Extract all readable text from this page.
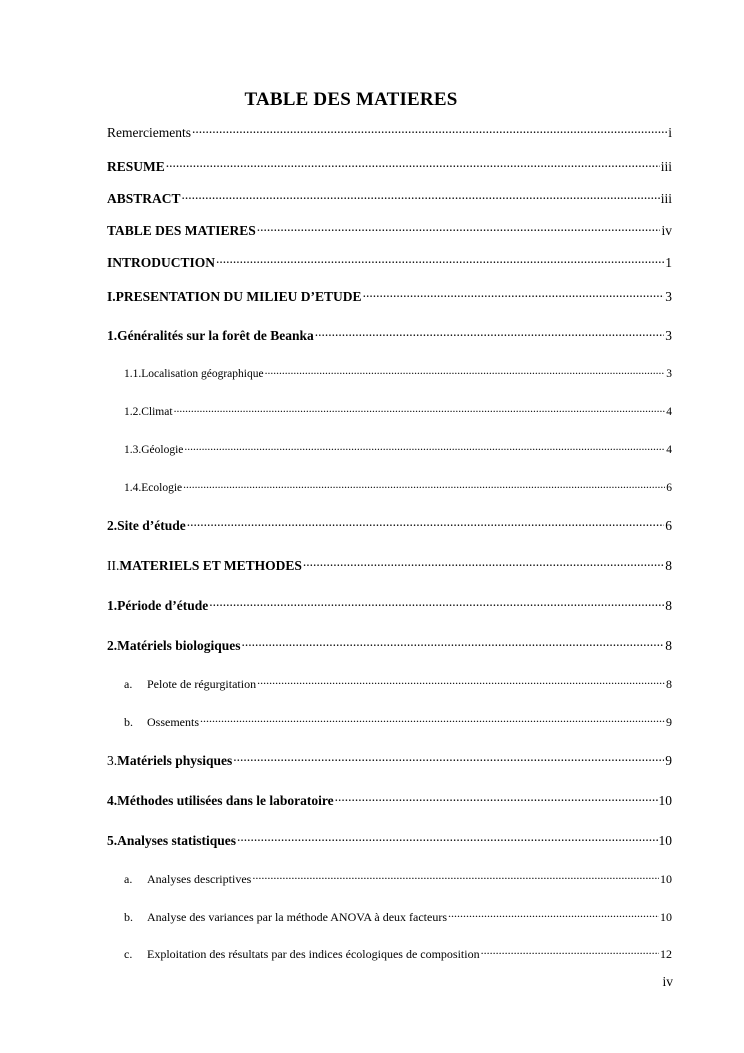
TABLE DES MATIERES
Remerciements .....	i
RESUME .....	iii
ABSTRACT .....	iii
TABLE DES MATIERES .....	iv
INTRODUCTION .....	1
I.PRESENTATION DU MILIEU D’ETUDE .....	3
1.Généralités sur la forêt de Beanka .....	3
1.1.Localisation géographique .....	3
1.2.Climat .....	4
1.3.Géologie .....	4
1.4.Ecologie .....	6
2.Site d’étude .....	6
II.MATERIELS ET METHODES .....	8
1.Période d’étude .....	8
2.Matériels biologiques .....	8
a. Pelote de régurgitation .....	8
b. Ossements .....	9
3.Matériels physiques .....	9
4.Méthodes utilisées dans le laboratoire .....	10
5.Analyses statistiques .....	10
a. Analyses descriptives .....	10
b. Analyse des variances par la méthode ANOVA à deux facteurs .....	10
c. Exploitation des résultats par des indices écologiques de composition .....	12
iv
